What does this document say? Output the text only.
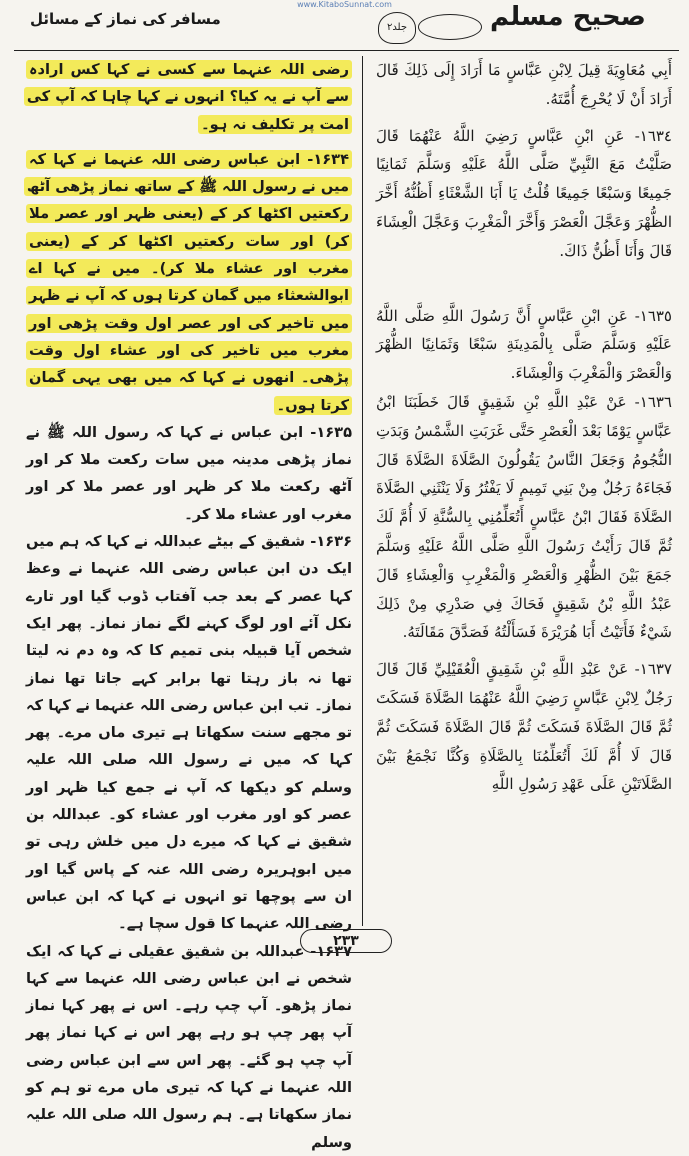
www.KitaboSunnat.com
مسافر کی نماز کے مسائل	جلد۲	صحیح مسلم

رضی اللہ عنہما سے کسی نے کہا کس ارادہ سے آپ نے یہ کیا؟ انہوں نے کہا چاہا کہ آپ کی امت پر تکلیف نہ ہو۔

۱۶۳۴- ابن عباس رضی اللہ عنہما نے کہا کہ میں نے رسول اللہ ﷺ کے ساتھ نماز پڑھی آٹھ رکعتیں اکٹھا کر کے (یعنی ظہر اور عصر ملا کر) اور سات رکعتیں اکٹھا کر کے (یعنی مغرب اور عشاء ملا کر)۔ میں نے کہا اے ابوالشعثاء میں گمان کرتا ہوں کہ آپ نے ظہر میں تاخیر کی اور عصر اول وقت پڑھی اور مغرب میں تاخیر کی اور عشاء اول وقت پڑھی۔ انھوں نے کہا کہ میں بھی یہی گمان کرتا ہوں۔

۱۶۳۵- ابن عباس نے کہا کہ رسول اللہ ﷺ نے نماز پڑھی مدینہ میں سات رکعت ملا کر اور آٹھ رکعت ملا کر ظہر اور عصر ملا کر اور مغرب اور عشاء ملا کر۔

۱۶۳۶- شقیق کے بیٹے عبداللہ نے کہا کہ ہم میں ایک دن ابن عباس رضی اللہ عنہما نے وعظ کہا عصر کے بعد جب آفتاب ڈوب گیا اور تارے نکل آئے اور لوگ کہنے لگے نماز نماز۔ پھر ایک شخص آیا قبیلہ بنی تمیم کا کہ وہ دم نہ لیتا تھا نہ باز رہتا تھا برابر کہے جاتا تھا نماز نماز۔ تب ابن عباس رضی اللہ عنہما نے کہا کہ تو مجھے سنت سکھاتا ہے تیری ماں مرے۔ پھر کہا کہ میں نے رسول اللہ صلی اللہ علیہ وسلم کو دیکھا کہ آپ نے جمع کیا ظہر اور عصر کو اور مغرب اور عشاء کو۔ عبداللہ بن شقیق نے کہا کہ میرے دل میں خلش رہی تو میں ابوہریرہ رضی اللہ عنہ کے پاس گیا اور ان سے پوچھا تو انہوں نے کہا کہ ابن عباس رضی اللہ عنہما کا قول سچا ہے۔

۱۶۳۷- عبداللہ بن شقیق عقیلی نے کہا کہ ایک شخص نے ابن عباس رضی اللہ عنہما سے کہا نماز پڑھو۔ آپ چپ رہے۔ اس نے پھر کہا نماز آپ پھر چپ ہو رہے پھر اس نے کہا نماز پھر آپ چپ ہو گئے۔ پھر اس سے ابن عباس رضی اللہ عنہما نے کہا کہ تیری ماں مرے تو ہم کو نماز سکھاتا ہے۔ ہم رسول اللہ صلی اللہ علیہ وسلم

أَبِي مُعَاوِيَةَ قِيلَ لِابْنِ عَبَّاسٍ مَا أَرَادَ إِلَى ذَلِكَ قَالَ أَرَادَ أَنْ لَا يُحْرِجَ أُمَّتَهُ.

١٦٣٤- عَنِ ابْنِ عَبَّاسٍ رَضِيَ اللَّهُ عَنْهُمَا قَالَ صَلَّيْتُ مَعَ النَّبِيِّ صَلَّى اللَّهُ عَلَيْهِ وَسَلَّمَ ثَمَانِيًا جَمِيعًا وَسَبْعًا جَمِيعًا قُلْتُ يَا أَبَا الشَّعْثَاءِ أَظُنُّهُ أَخَّرَ الظُّهْرَ وَعَجَّلَ الْعَصْرَ وَأَخَّرَ الْمَغْرِبَ وَعَجَّلَ الْعِشَاءَ قَالَ وَأَنَا أَظُنُّ ذَاكَ.

١٦٣٥- عَنِ ابْنِ عَبَّاسٍ أَنَّ رَسُولَ اللَّهِ صَلَّى اللَّهُ عَلَيْهِ وَسَلَّمَ صَلَّى بِالْمَدِينَةِ سَبْعًا وَثَمَانِيًا الظُّهْرَ وَالْعَصْرَ وَالْمَغْرِبَ وَالْعِشَاءَ.

١٦٣٦- عَنْ عَبْدِ اللَّهِ بْنِ شَقِيقٍ قَالَ خَطَبَنَا ابْنُ عَبَّاسٍ يَوْمًا بَعْدَ الْعَصْرِ حَتَّى غَرَبَتِ الشَّمْسُ وَبَدَتِ النُّجُومُ وَجَعَلَ النَّاسُ يَقُولُونَ الصَّلَاةَ الصَّلَاةَ قَالَ فَجَاءَهُ رَجُلٌ مِنْ بَنِي تَمِيمٍ لَا يَفْتُرُ وَلَا يَنْثَنِي الصَّلَاةَ الصَّلَاةَ فَقَالَ ابْنُ عَبَّاسٍ أَتُعَلِّمُنِي بِالسُّنَّةِ لَا أُمَّ لَكَ ثُمَّ قَالَ رَأَيْتُ رَسُولَ اللَّهِ صَلَّى اللَّهُ عَلَيْهِ وَسَلَّمَ جَمَعَ بَيْنَ الظُّهْرِ وَالْعَصْرِ وَالْمَغْرِبِ وَالْعِشَاءِ قَالَ عَبْدُ اللَّهِ بْنُ شَقِيقٍ فَحَاكَ فِي صَدْرِي مِنْ ذَلِكَ شَيْءٌ فَأَتَيْتُ أَبَا هُرَيْرَةَ فَسَأَلْتُهُ فَصَدَّقَ مَقَالَتَهُ.

١٦٣٧- عَنْ عَبْدِ اللَّهِ بْنِ شَقِيقٍ الْعُقَيْلِيِّ قَالَ قَالَ رَجُلٌ لِابْنِ عَبَّاسٍ رَضِيَ اللَّهُ عَنْهُمَا الصَّلَاةَ فَسَكَتَ ثُمَّ قَالَ الصَّلَاةَ فَسَكَتَ ثُمَّ قَالَ الصَّلَاةَ فَسَكَتَ ثُمَّ قَالَ لَا أُمَّ لَكَ أَتُعَلِّمُنَا بِالصَّلَاةِ وَكُنَّا نَجْمَعُ بَيْنَ الصَّلَاتَيْنِ عَلَى عَهْدِ رَسُولِ اللَّهِ

۲۳۳
